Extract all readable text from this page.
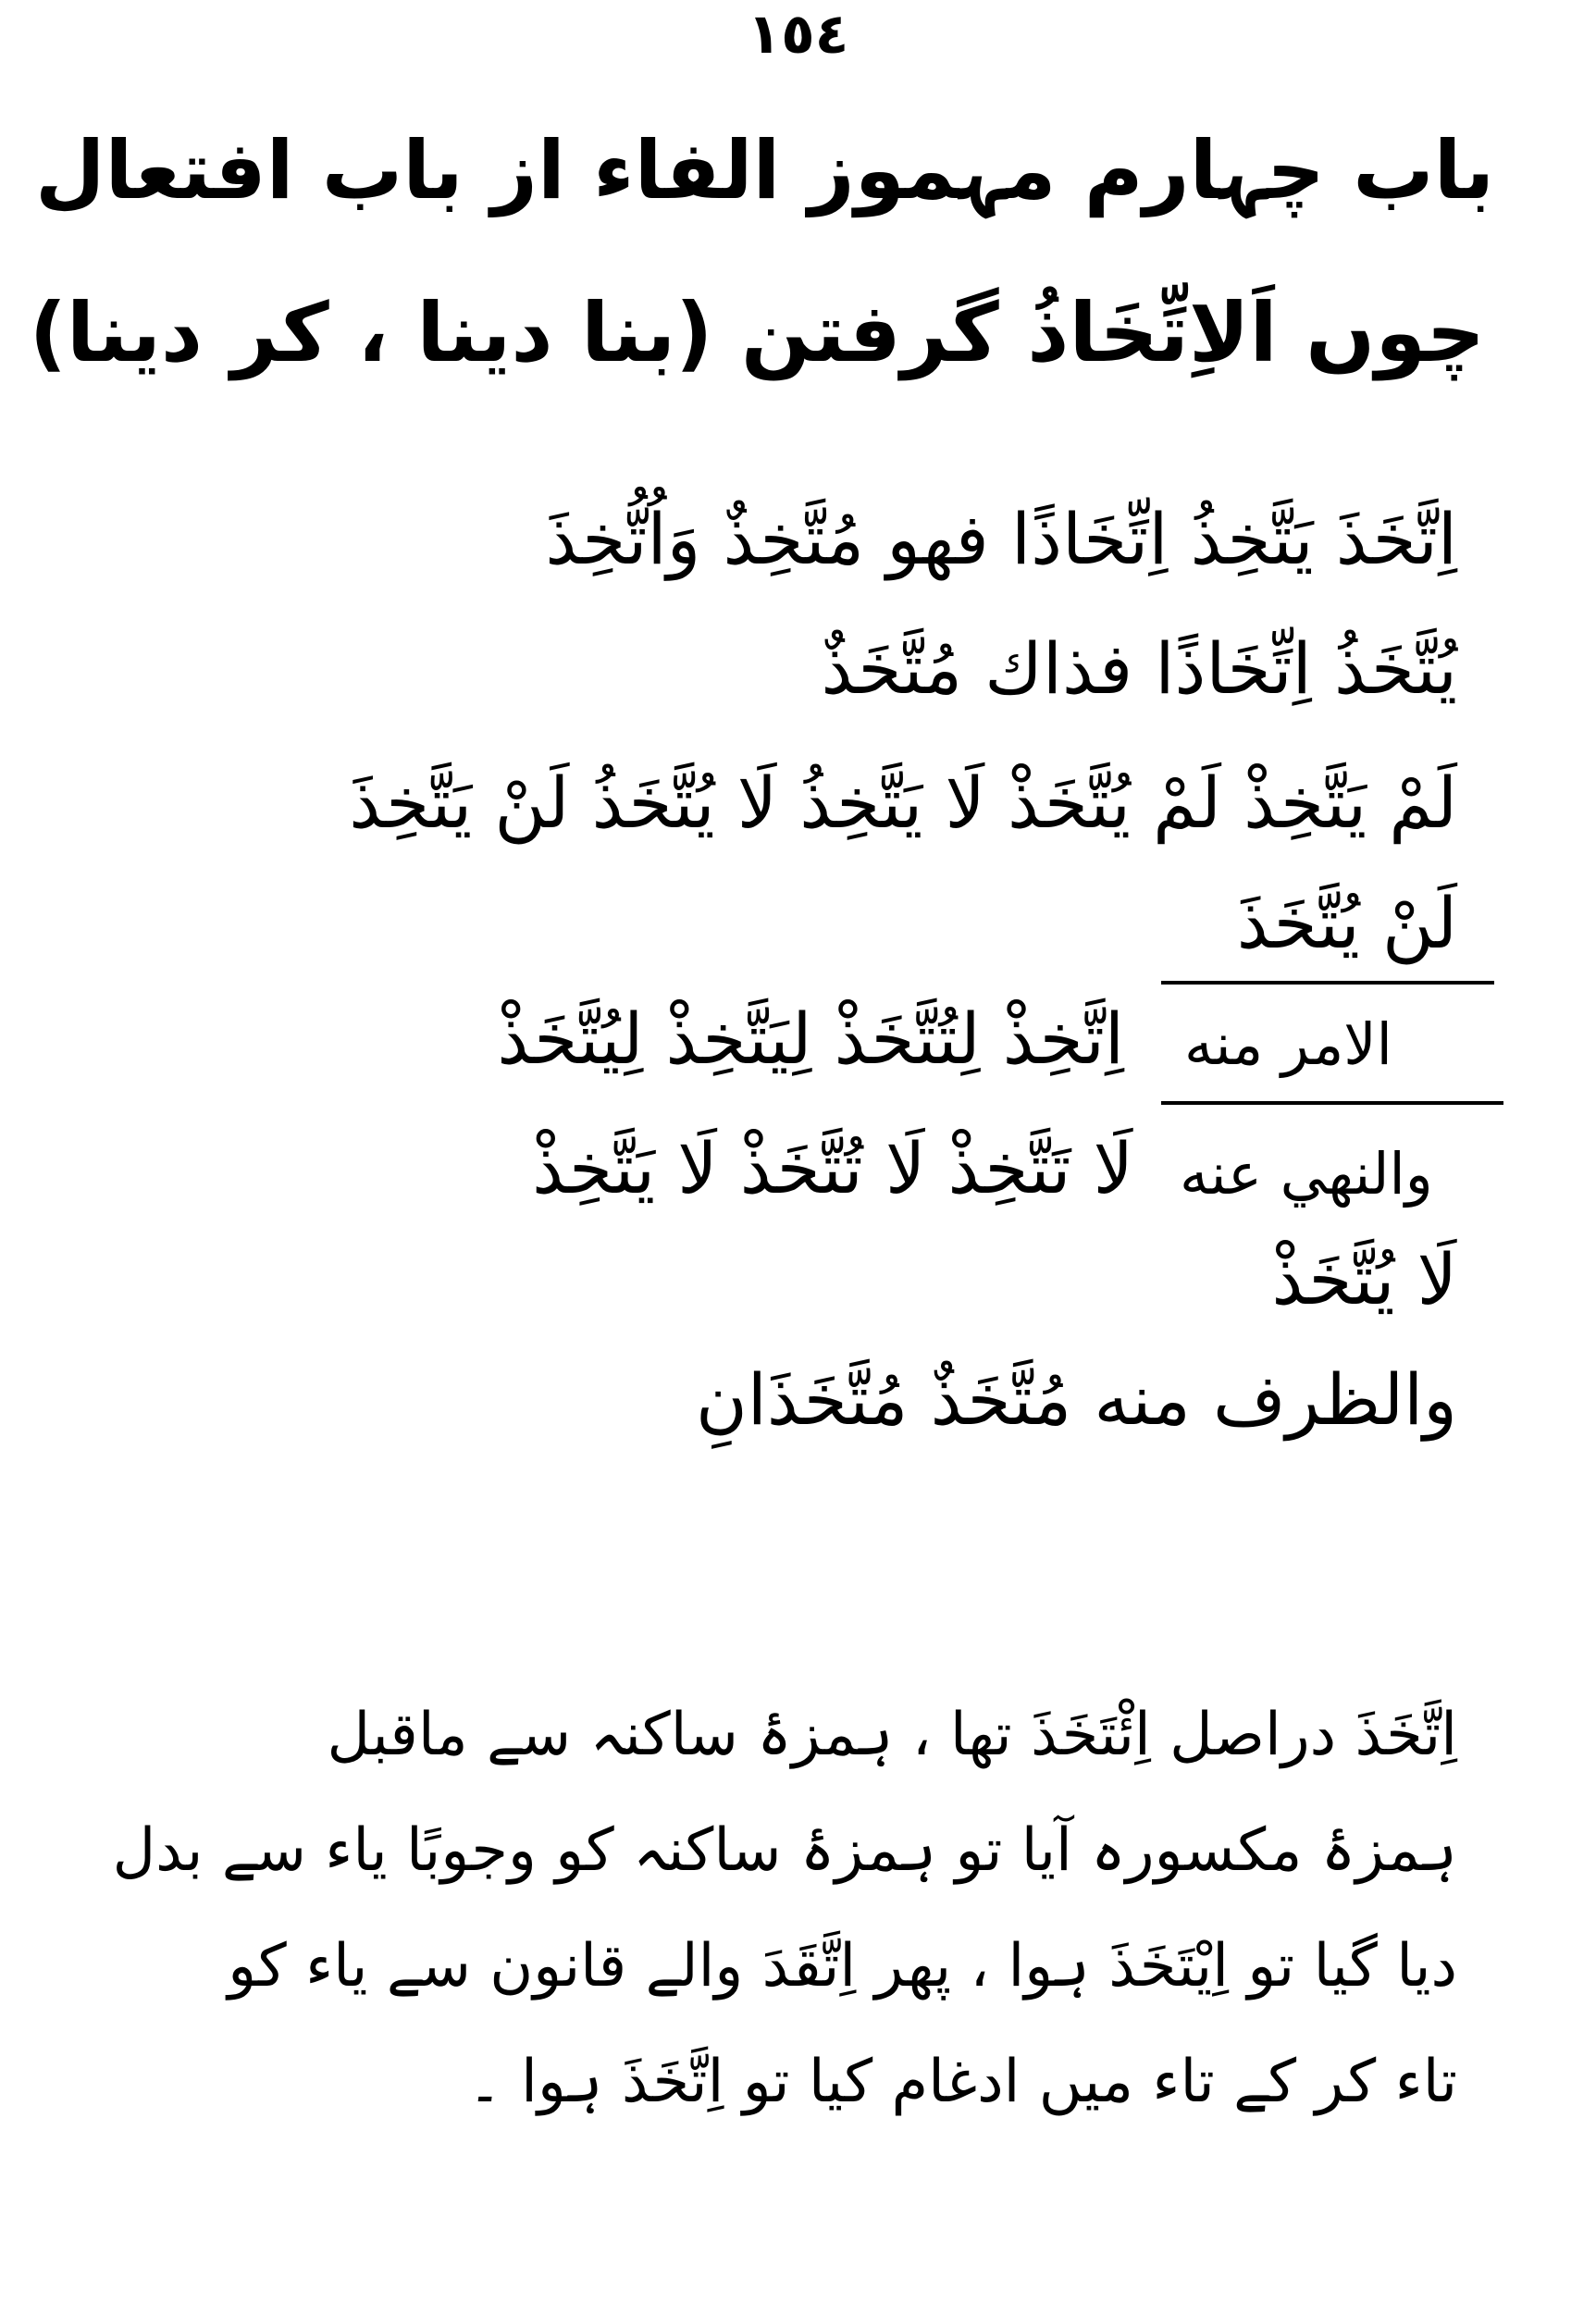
١٥٤
باب چہارم مہموز الفاء از باب افتعال
چوں اَلاِتِّخَاذُ گرفتن (بنا دینا ، کر دینا)
اِتَّخَذَ يَتَّخِذُ اِتِّخَاذًا فهو مُتَّخِذٌ وَاُتُّخِذَ
يُتَّخَذُ اِتِّخَاذًا فذاك مُتَّخَذٌ
لَمْ يَتَّخِذْ لَمْ يُتَّخَذْ لَا يَتَّخِذُ لَا يُتَّخَذُ لَنْ يَتَّخِذَ
لَنْ يُتَّخَذَ
الامر منه
اِتَّخِذْ لِتُتَّخَذْ لِيَتَّخِذْ لِيُتَّخَذْ
والنهي عنه
لَا تَتَّخِذْ لَا تُتَّخَذْ لَا يَتَّخِذْ
لَا يُتَّخَذْ
والظرف منه مُتَّخَذٌ مُتَّخَذَانِ
اِتَّخَذَ دراصل اِئْتَخَذَ تھا ، ہمزۂ ساکنہ سے ماقبل
ہمزۂ مکسورہ آیا تو ہمزۂ ساکنہ کو وجوبًا یاء سے بدل
دیا گیا تو اِیْتَخَذَ ہوا ، پھر اِتَّقَدَ والے قانون سے یاء کو
تاء کر کے تاء میں ادغام کیا تو اِتَّخَذَ ہوا ۔
